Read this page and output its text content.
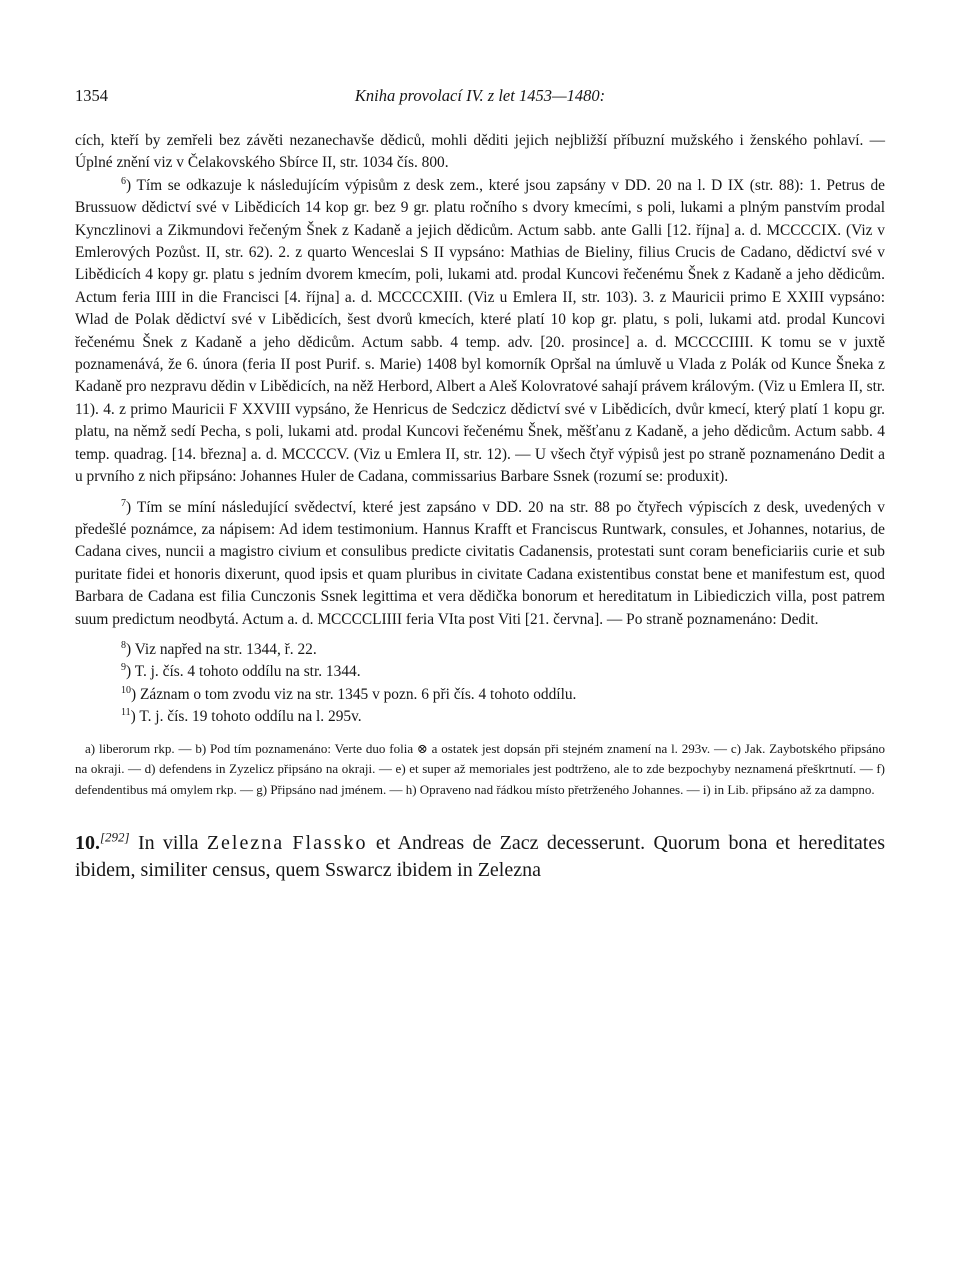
1354	Kniha provolací IV. z let 1453—1480:

cích, kteří by zemřeli bez závěti nezanechavše dědiců, mohli děditi jejich nejbližší příbuzní mužského i ženského pohlaví. — Úplné znění viz v Čelakovského Sbírce II, str. 1034 čís. 800.

$^6$) Tím se odkazuje k následujícím výpisům z desk zem., které jsou zapsány v DD. 20 na l. D IX (str. 88): 1. Petrus de Brussuow dědictví své v Libědicích 14 kop gr. bez 9 gr. platu ročního s dvory kmecími, s poli, lukami a plným panstvím prodal Kynczlinovi a Zikmundovi řečeným Šnek z Kadaně a jejich dědicům. Actum sabb. ante Galli [12. října] a. d. MCCCCIX. (Viz v Emlerových Pozůst. II, str. 62). 2. z quarto Wenceslai S II vypsáno: Mathias de Bieliny, filius Crucis de Cadano, dědictví své v Libědicích 4 kopy gr. platu s jedním dvorem kmecím, poli, lukami atd. prodal Kuncovi řečenému Šnek z Kadaně a jeho dědicům. Actum feria IIII in die Francisci [4. října] a. d. MCCCCXIII. (Viz u Emlera II, str. 103). 3. z Mauricii primo E XXIII vypsáno: Wlad de Polak dědictví své v Libědicích, šest dvorů kmecích, které platí 10 kop gr. platu, s poli, lukami atd. prodal Kuncovi řečenému Šnek z Kadaně a jeho dědicům. Actum sabb. 4 temp. adv. [20. prosince] a. d. MCCCCIIII. K tomu se v juxtě poznamenává, že 6. února (feria II post Purif. s. Marie) 1408 byl komorník Opršal na úmluvě u Vlada z Polák od Kunce Šneka z Kadaně pro nezpravu dědin v Libědicích, na něž Herbord, Albert a Aleš Kolovratové sahají právem královým. (Viz u Emlera II, str. 11). 4. z primo Mauricii F XXVIII vypsáno, že Henricus de Sedczicz dědictví své v Libědicích, dvůr kmecí, který platí 1 kopu gr. platu, na němž sedí Pecha, s poli, lukami atd. prodal Kuncovi řečenému Šnek, měšťanu z Kadaně, a jeho dědicům. Actum sabb. 4 temp. quadrag. [14. března] a. d. MCCCCV. (Viz u Emlera II, str. 12). — U všech čtyř výpisů jest po straně poznamenáno Dedit a u prvního z nich připsáno: Johannes Huler de Cadana, commissarius Barbare Ssnek (rozumí se: produxit).

$^7$) Tím se míní následující svědectví, které jest zapsáno v DD. 20 na str. 88 po čtyřech výpiscích z desk, uvedených v předešlé poznámce, za nápisem: Ad idem testimonium. Hannus Krafft et Franciscus Runtwark, consules, et Johannes, notarius, de Cadana cives, nuncii a magistro civium et consulibus predicte civitatis Cadanensis, protestati sunt coram beneficiariis curie et sub puritate fidei et honoris dixerunt, quod ipsis et quam pluribus in civitate Cadana existentibus constat bene et manifestum est, quod Barbara de Cadana est filia Cunczonis Ssnek legittima et vera dědička bonorum et hereditatum in Libiediczich villa, post patrem suum predictum neodbytá. Actum a. d. MCCCCLIIII feria VIta post Viti [21. června]. — Po straně poznamenáno: Dedit.

$^8$) Viz napřed na str. 1344, ř. 22.

$^9$) T. j. čís. 4 tohoto oddílu na str. 1344.

$^{10}$) Záznam o tom zvodu viz na str. 1345 v pozn. 6 při čís. 4 tohoto oddílu.

$^{11}$) T. j. čís. 19 tohoto oddílu na l. 295v.

a) liberorum rkp. — b) Pod tím poznamenáno: Verte duo folia ⊗ a ostatek jest dopsán při stejném znamení na l. 293v. — c) Jak. Zaybotského připsáno na okraji. — d) defendens in Zyzelicz připsáno na okraji. — e) et super až memoriales jest podtrženo, ale to zde bezpochyby neznamená přeškrtnutí. — f) defendentibus má omylem rkp. — g) Připsáno nad jménem. — h) Opraveno nad řádkou místo přetrženého Johannes. — i) in Lib. připsáno až za dampno.

10.[292] In villa Zelezna Flassko et Andreas de Zacz decesserunt. Quorum bona et hereditates ibidem, similiter census, quem Sswarcz ibidem in Zelezna
